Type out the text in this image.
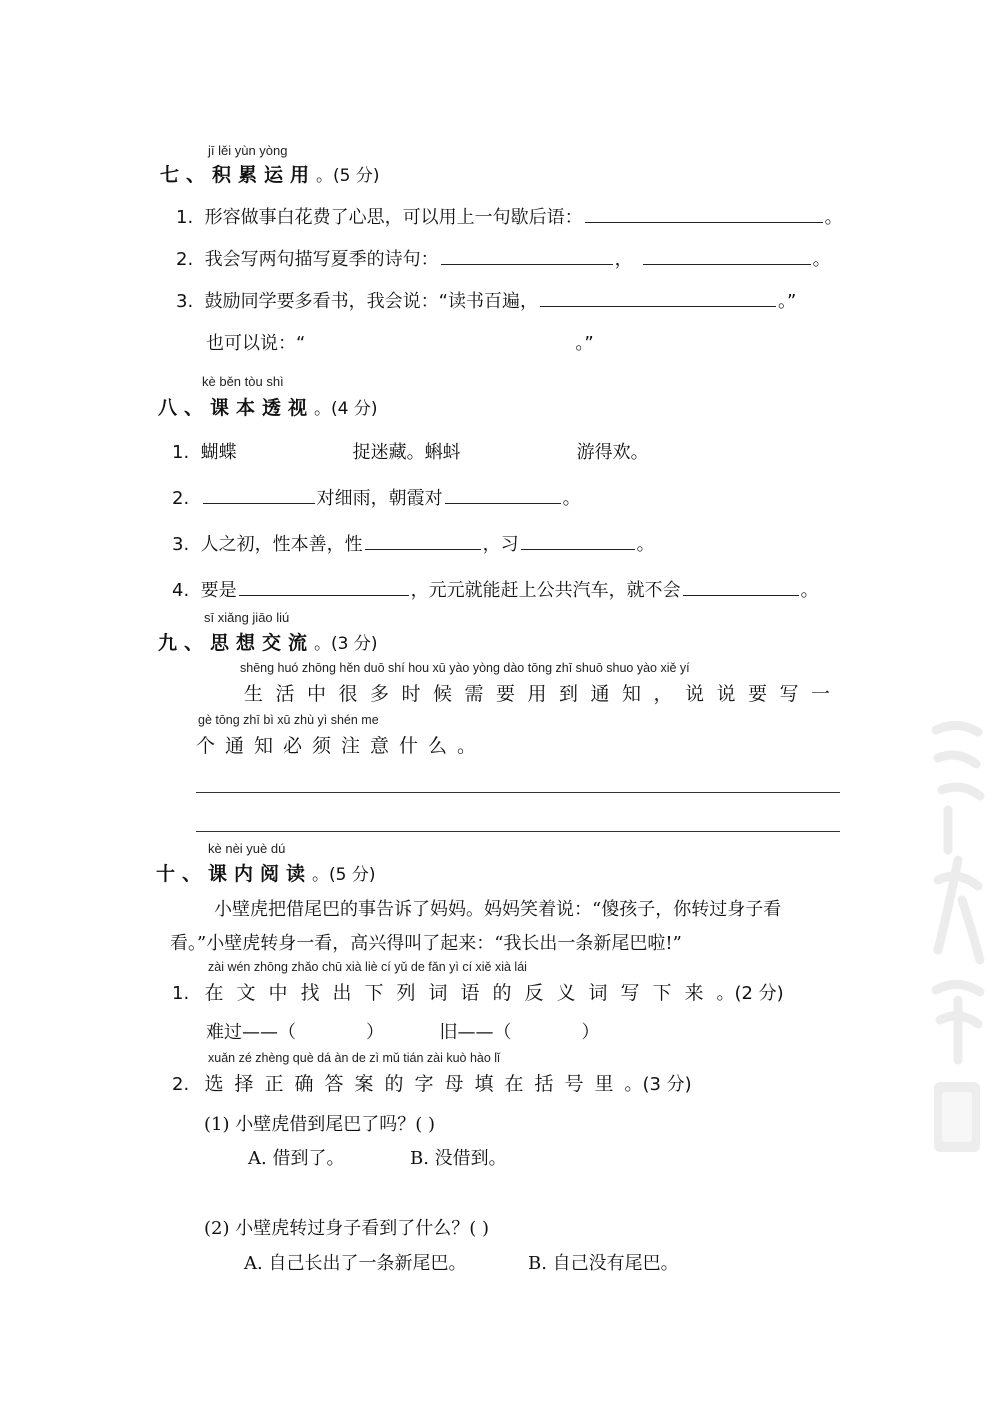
jī lěi yùn yòng
七、积累运用。(5 分)
1. 形容做事白花费了心思，可以用上一句歇后语：	。
2. 我会写两句描写夏季的诗句：	，	。
3. 鼓励同学要多看书，我会说：“读书百遍，	。”
也可以说：“	。”
kè běn tòu shì
八、课本透视。(4 分)
1. 蝴蝶	捉迷藏。蝌蚪	游得欢。
2.	对细雨，朝霞对	。
3. 人之初，性本善，性	，习	。
4. 要是	，元元就能赶上公共汽车，就不会	。
sī xiǎng jiāo liú
九、思想交流。(3 分)
shēng huó zhōng hěn duō shí hou xū yào yòng dào tōng zhī shuō shuo yào xiě yí
生活中很多时候需要用到通知，说说要写一
gè tōng zhī bì xū zhù yì shén me
个通知必须注意什么。
kè nèi yuè dú
十、课内阅读。(5 分)
小壁虎把借尾巴的事告诉了妈妈。妈妈笑着说：“傻孩子，你转过身子看
看。”小壁虎转身一看，高兴得叫了起来：“我长出一条新尾巴啦!”
zài wén zhōng zhǎo chū xià liè cí yǔ de fǎn yì cí xiě xià lái
1. 在文中找出下列词语的反义词写下来。(2 分)
难过——（	）	旧——（	）
xuǎn zé zhèng què dá àn de zì mǔ tián zài kuò hào lǐ
2. 选择正确答案的字母填在括号里。(3 分)
(1) 小壁虎借到尾巴了吗？( )
A. 借到了。	B. 没借到。
(2) 小壁虎转过身子看到了什么？( )
A. 自己长出了一条新尾巴。	B. 自己没有尾巴。
